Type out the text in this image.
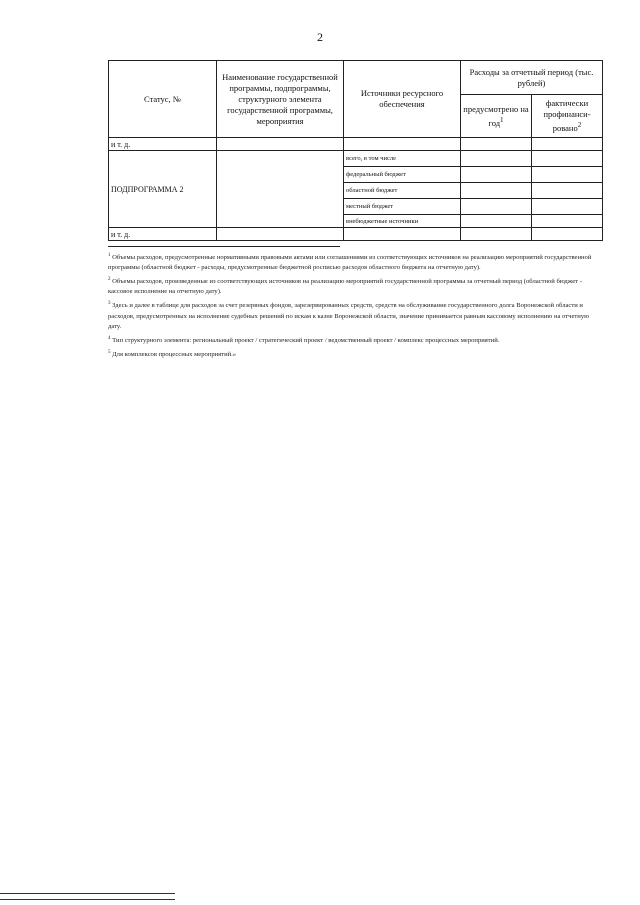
2
Статус, №	Наименование государственной программы, подпрограммы, структурного элемента государственной программы, мероприятия	Источники ресурсного обеспечения	Расходы за отчетный период (тыс. рублей)	
			предусмотрено на год$^1$	фактически профинанси-ровано$^2$
и т. д.				
ПОДПРОГРАММА 2		всего, в том числе		
		федеральный бюджет		
		областной бюджет		
		местный бюджет		
		внебюджетные источники		
и т. д.				
$^1$ Объемы расходов, предусмотренные нормативными правовыми актами или соглашениями из соответствующих источников на реализацию мероприятий государственной программы (областной бюджет - расходы, предусмотренные бюджетной росписью расходов областного бюджета на отчетную дату).
$^2$ Объемы расходов, произведенные из соответствующих источников на реализацию мероприятий государственной программы за отчетный период (областной бюджет - кассовое исполнение на отчетную дату).
$^3$ Здесь и далее в таблице для расходов за счет резервных фондов, зарезервированных средств, средств на обслуживание государственного долга Воронежской области и расходов, предусмотренных на исполнение судебных решений по искам к казне Воронежской области, значение принимается равным кассовому исполнению на отчетную дату.
$^4$ Тип структурного элемента: региональный проект / стратегический проект / ведомственный проект / комплекс процессных мероприятий.
$^5$ Для комплексов процессных мероприятий.»
